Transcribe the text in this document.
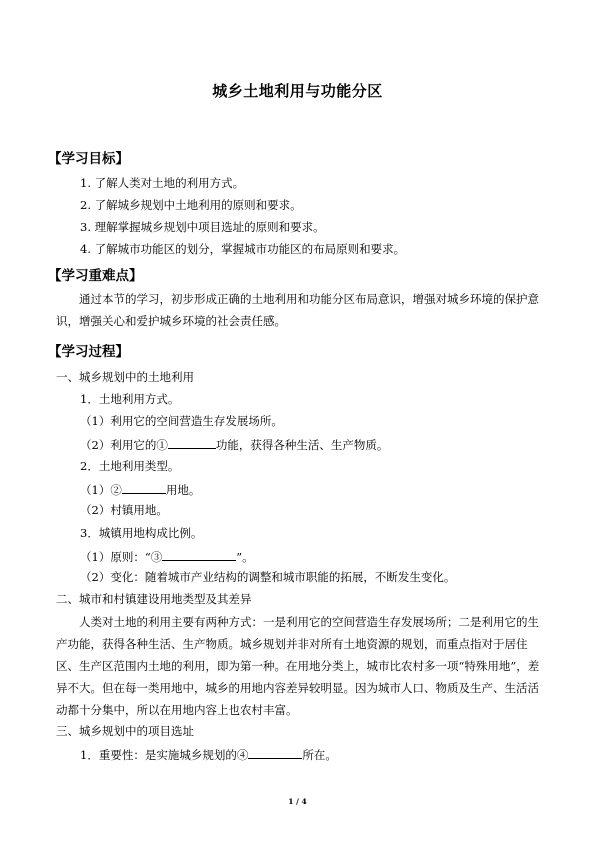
城乡土地利用与功能分区
【学习目标】
1. 了解人类对土地的利用方式。
2. 了解城乡规划中土地利用的原则和要求。
3. 理解掌握城乡规划中项目选址的原则和要求。
4. 了解城市功能区的划分，掌握城市功能区的布局原则和要求。
【学习重难点】
通过本节的学习，初步形成正确的土地利用和功能分区布局意识，增强对城乡环境的保护意识，增强关心和爱护城乡环境的社会责任感。
【学习过程】
一、城乡规划中的土地利用
1．土地利用方式。
（1）利用它的空间营造生存发展场所。
（2）利用它的①	功能，获得各种生活、生产物质。
2．土地利用类型。
（1）②	用地。
（2）村镇用地。
3．城镇用地构成比例。
（1）原则：“③	”。
（2）变化：随着城市产业结构的调整和城市职能的拓展，不断发生变化。
二、城市和村镇建设用地类型及其差异
人类对土地的利用主要有两种方式：一是利用它的空间营造生存发展场所；二是利用它的生产功能，获得各种生活、生产物质。城乡规划并非对所有土地资源的规划，而重点指对于居住区、生产区范围内土地的利用，即为第一种。在用地分类上，城市比农村多一项“特殊用地”，差异不大。但在每一类用地中，城乡的用地内容差异较明显。因为城市人口、物质及生产、生活活动都十分集中，所以在用地内容上也农村丰富。
三、城乡规划中的项目选址
1．重要性：是实施城乡规划的④	所在。
1 / 4
